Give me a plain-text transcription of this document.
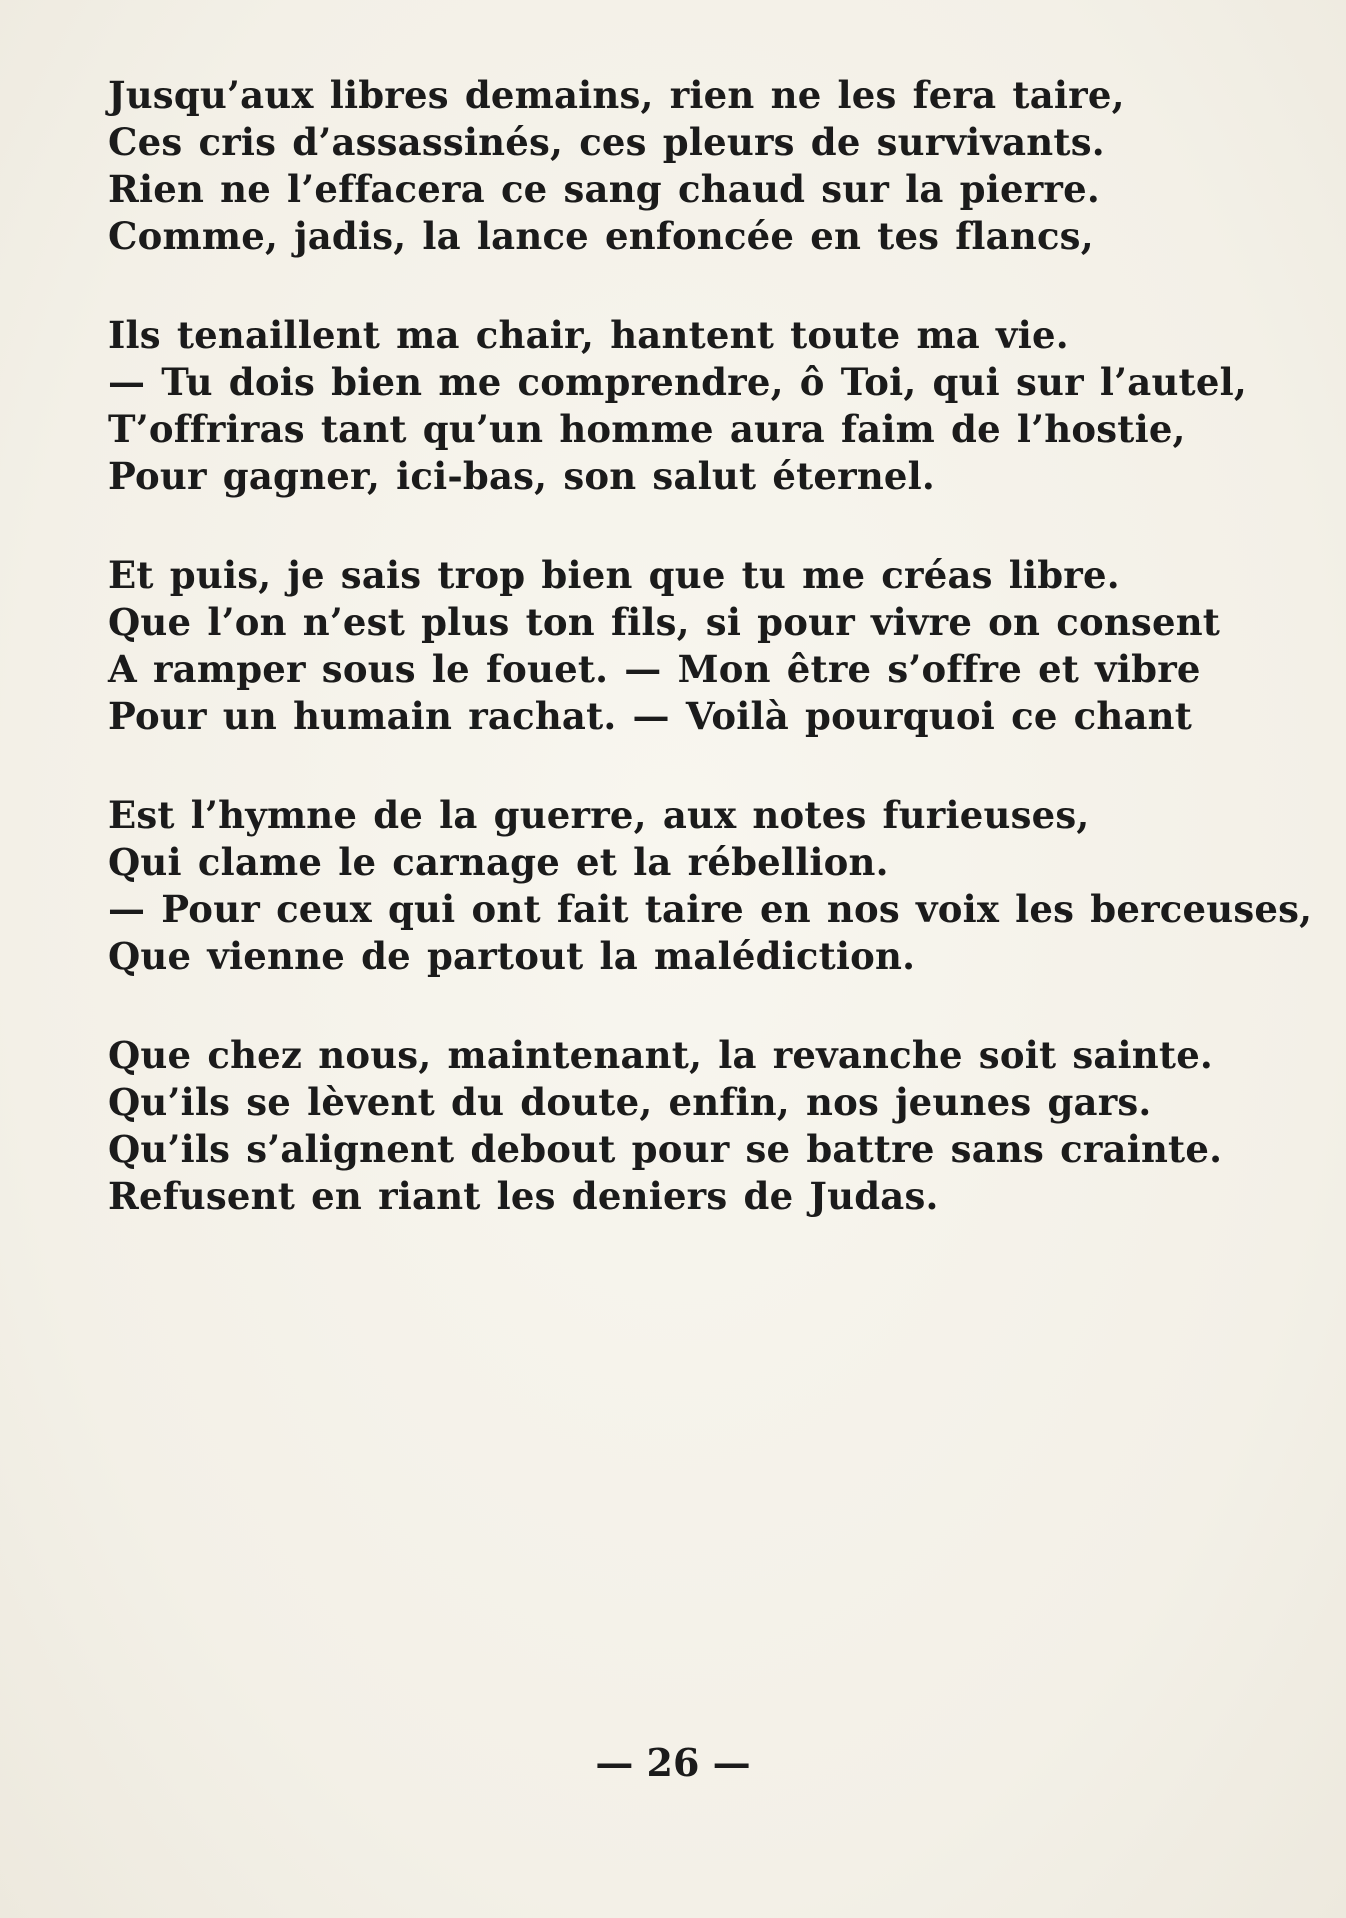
Jusqu’aux libres demains, rien ne les fera taire,
Ces cris d’assassinés, ces pleurs de survivants.
Rien ne l’effacera ce sang chaud sur la pierre.
Comme, jadis, la lance enfoncée en tes flancs,
Ils tenaillent ma chair, hantent toute ma vie.
— Tu dois bien me comprendre, ô Toi, qui sur l’autel,
T’offriras tant qu’un homme aura faim de l’hostie,
Pour gagner, ici-bas, son salut éternel.
Et puis, je sais trop bien que tu me créas libre.
Que l’on n’est plus ton fils, si pour vivre on consent
A ramper sous le fouet. — Mon être s’offre et vibre
Pour un humain rachat. — Voilà pourquoi ce chant
Est l’hymne de la guerre, aux notes furieuses,
Qui clame le carnage et la rébellion.
— Pour ceux qui ont fait taire en nos voix les berceuses,
Que vienne de partout la malédiction.
Que chez nous, maintenant, la revanche soit sainte.
Qu’ils se lèvent du doute, enfin, nos jeunes gars.
Qu’ils s’alignent debout pour se battre sans crainte.
Refusent en riant les deniers de Judas.
— 26 —
